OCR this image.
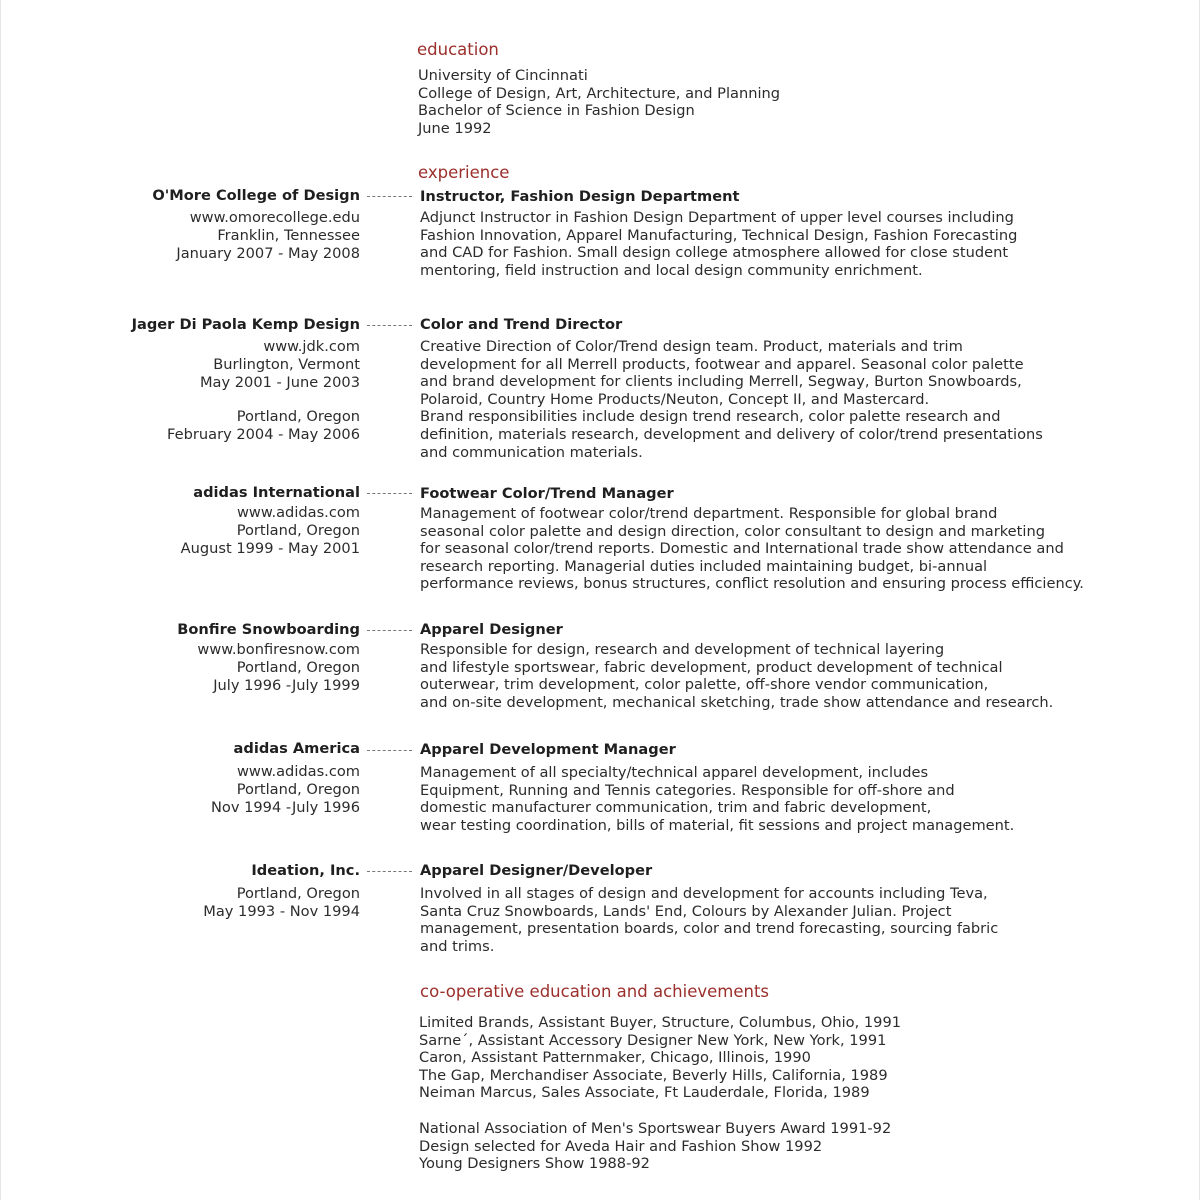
education
University of Cincinnati
College of Design, Art, Architecture, and Planning
Bachelor of Science in Fashion Design
June 1992
experience
O'More College of Design
www.omorecollege.edu
Franklin, Tennessee
January 2007 - May 2008
Instructor, Fashion Design Department
Adjunct Instructor in Fashion Design Department of upper level courses including
Fashion Innovation, Apparel Manufacturing, Technical Design, Fashion Forecasting
and CAD for Fashion. Small design college atmosphere allowed for close student
mentoring, field instruction and local design community enrichment.
Jager Di Paola Kemp Design
www.jdk.com
Burlington, Vermont
May 2001 - June 2003
Portland, Oregon
February 2004 - May 2006
Color and Trend Director
Creative Direction of Color/Trend design team. Product, materials and trim
development for all Merrell products, footwear and apparel. Seasonal color palette
and brand development for clients including Merrell, Segway, Burton Snowboards,
Polaroid, Country Home Products/Neuton, Concept II, and Mastercard.
Brand responsibilities include design trend research, color palette research and
definition, materials research, development and delivery of color/trend presentations
and communication materials.
adidas International
www.adidas.com
Portland, Oregon
August 1999 - May 2001
Footwear Color/Trend Manager
Management of footwear color/trend department. Responsible for global brand
seasonal color palette and design direction, color consultant to design and marketing
for seasonal color/trend reports. Domestic and International trade show attendance and
research reporting. Managerial duties included maintaining budget, bi-annual
performance reviews, bonus structures, conflict resolution and ensuring process efficiency.
Bonfire Snowboarding
www.bonfiresnow.com
Portland, Oregon
July 1996 -July 1999
Apparel Designer
Responsible for design, research and development of technical layering
and lifestyle sportswear, fabric development, product development of technical
outerwear, trim development, color palette, off-shore vendor communication,
and on-site development, mechanical sketching, trade show attendance and research.
adidas America
www.adidas.com
Portland, Oregon
Nov 1994 -July 1996
Apparel Development Manager
Management of all specialty/technical apparel development, includes
Equipment, Running and Tennis categories. Responsible for off-shore and
domestic manufacturer communication, trim and fabric development,
wear testing coordination, bills of material, fit sessions and project management.
Ideation, Inc.
Portland, Oregon
May 1993 - Nov 1994
Apparel Designer/Developer
Involved in all stages of design and development for accounts including Teva,
Santa Cruz Snowboards, Lands' End, Colours by Alexander Julian. Project
management, presentation boards, color and trend forecasting, sourcing fabric
and trims.
co-operative education and achievements
Limited Brands, Assistant Buyer, Structure, Columbus, Ohio, 1991
Sarne´, Assistant Accessory Designer New York, New York, 1991
Caron, Assistant Patternmaker, Chicago, Illinois, 1990
The Gap, Merchandiser Associate, Beverly Hills, California, 1989
Neiman Marcus, Sales Associate, Ft Lauderdale, Florida, 1989
National Association of Men's Sportswear Buyers Award 1991-92
Design selected for Aveda Hair and Fashion Show 1992
Young Designers Show 1988-92
